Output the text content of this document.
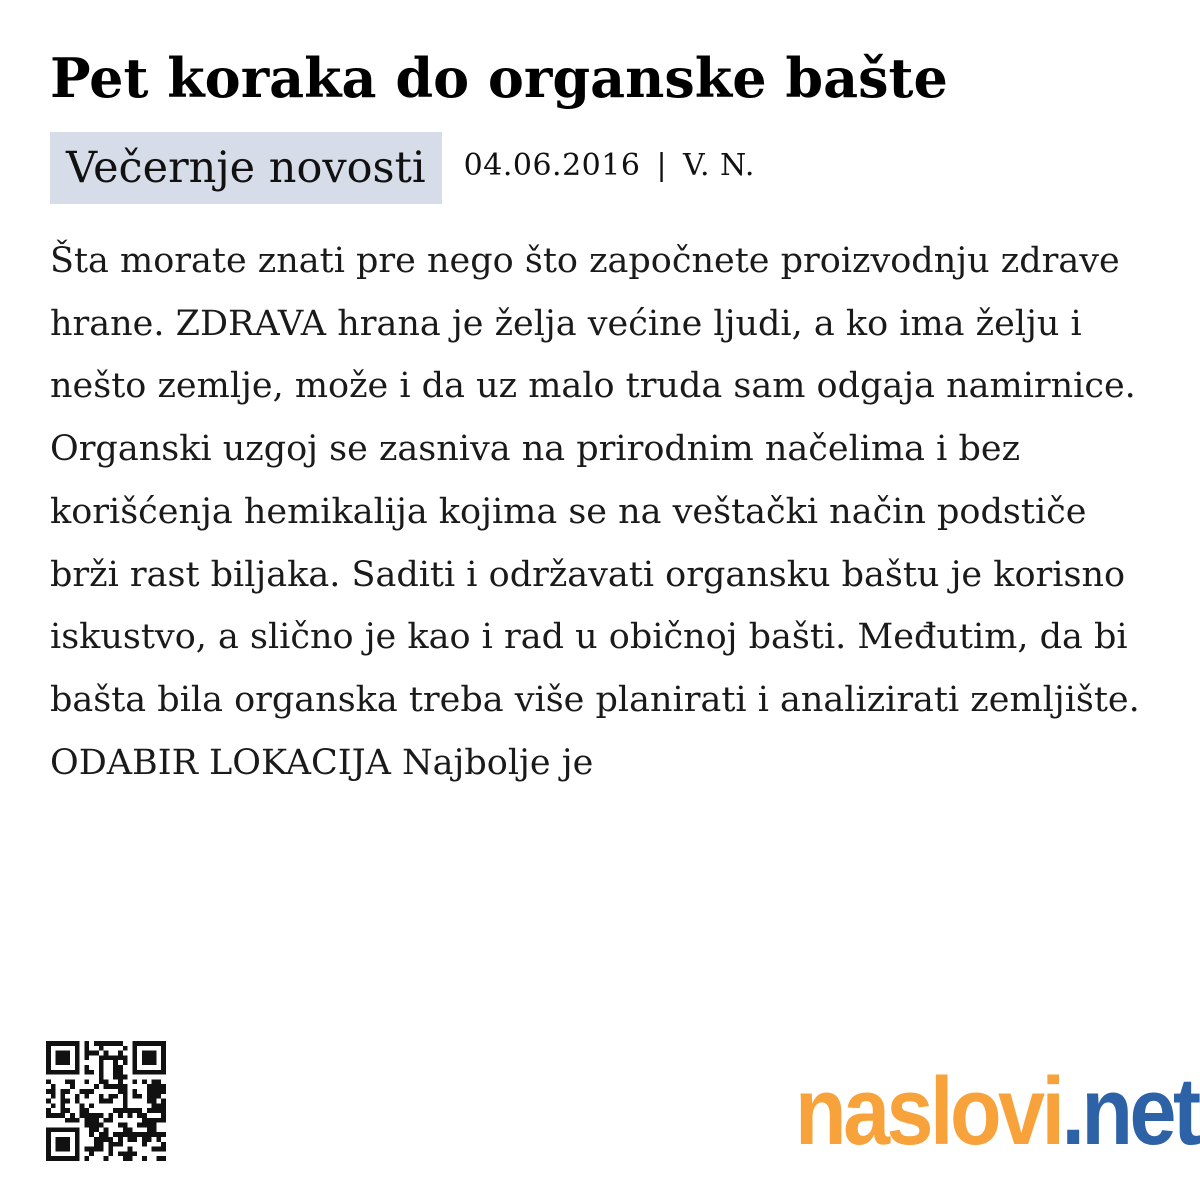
Pet koraka do organske bašte
Večernje novosti	04.06.2016 | V. N.
Šta morate znati pre nego što započnete proizvodnju zdrave hrane. ZDRAVA hrana je želja većine ljudi, a ko ima želju i nešto zemlje, može i da uz malo truda sam odgaja namirnice. Organski uzgoj se zasniva na prirodnim načelima i bez korišćenja hemikalija kojima se na veštački način podstiče brži rast biljaka. Saditi i održavati organsku baštu je korisno iskustvo, a slično je kao i rad u običnoj bašti. Međutim, da bi bašta bila organska treba više planirati i analizirati zemljište. ODABIR LOKACIJA Najbolje je
naslovi.net
